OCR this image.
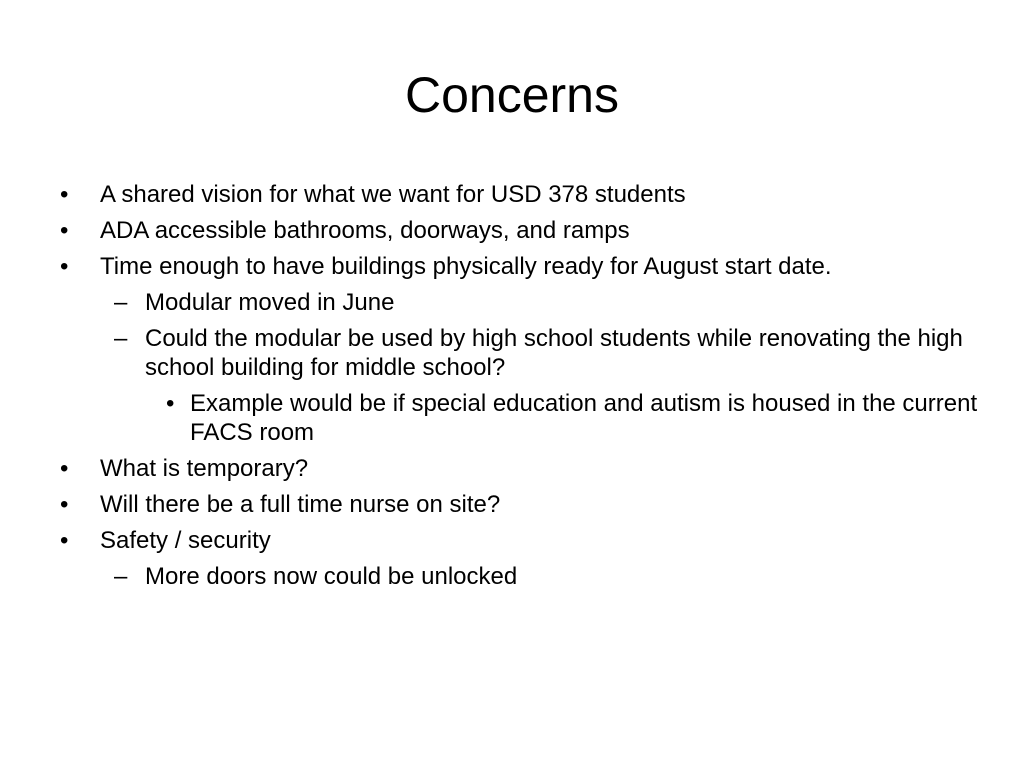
Concerns
• A shared vision for what we want for USD 378 students
• ADA accessible bathrooms, doorways, and ramps
• Time enough to have buildings physically ready for August start date.
– Modular moved in June
– Could the modular be used by high school students while renovating the high school building for middle school?
• Example would be if special education and autism is housed in the current FACS room
• What is temporary?
• Will there be a full time nurse on site?
• Safety / security
– More doors now could be unlocked
